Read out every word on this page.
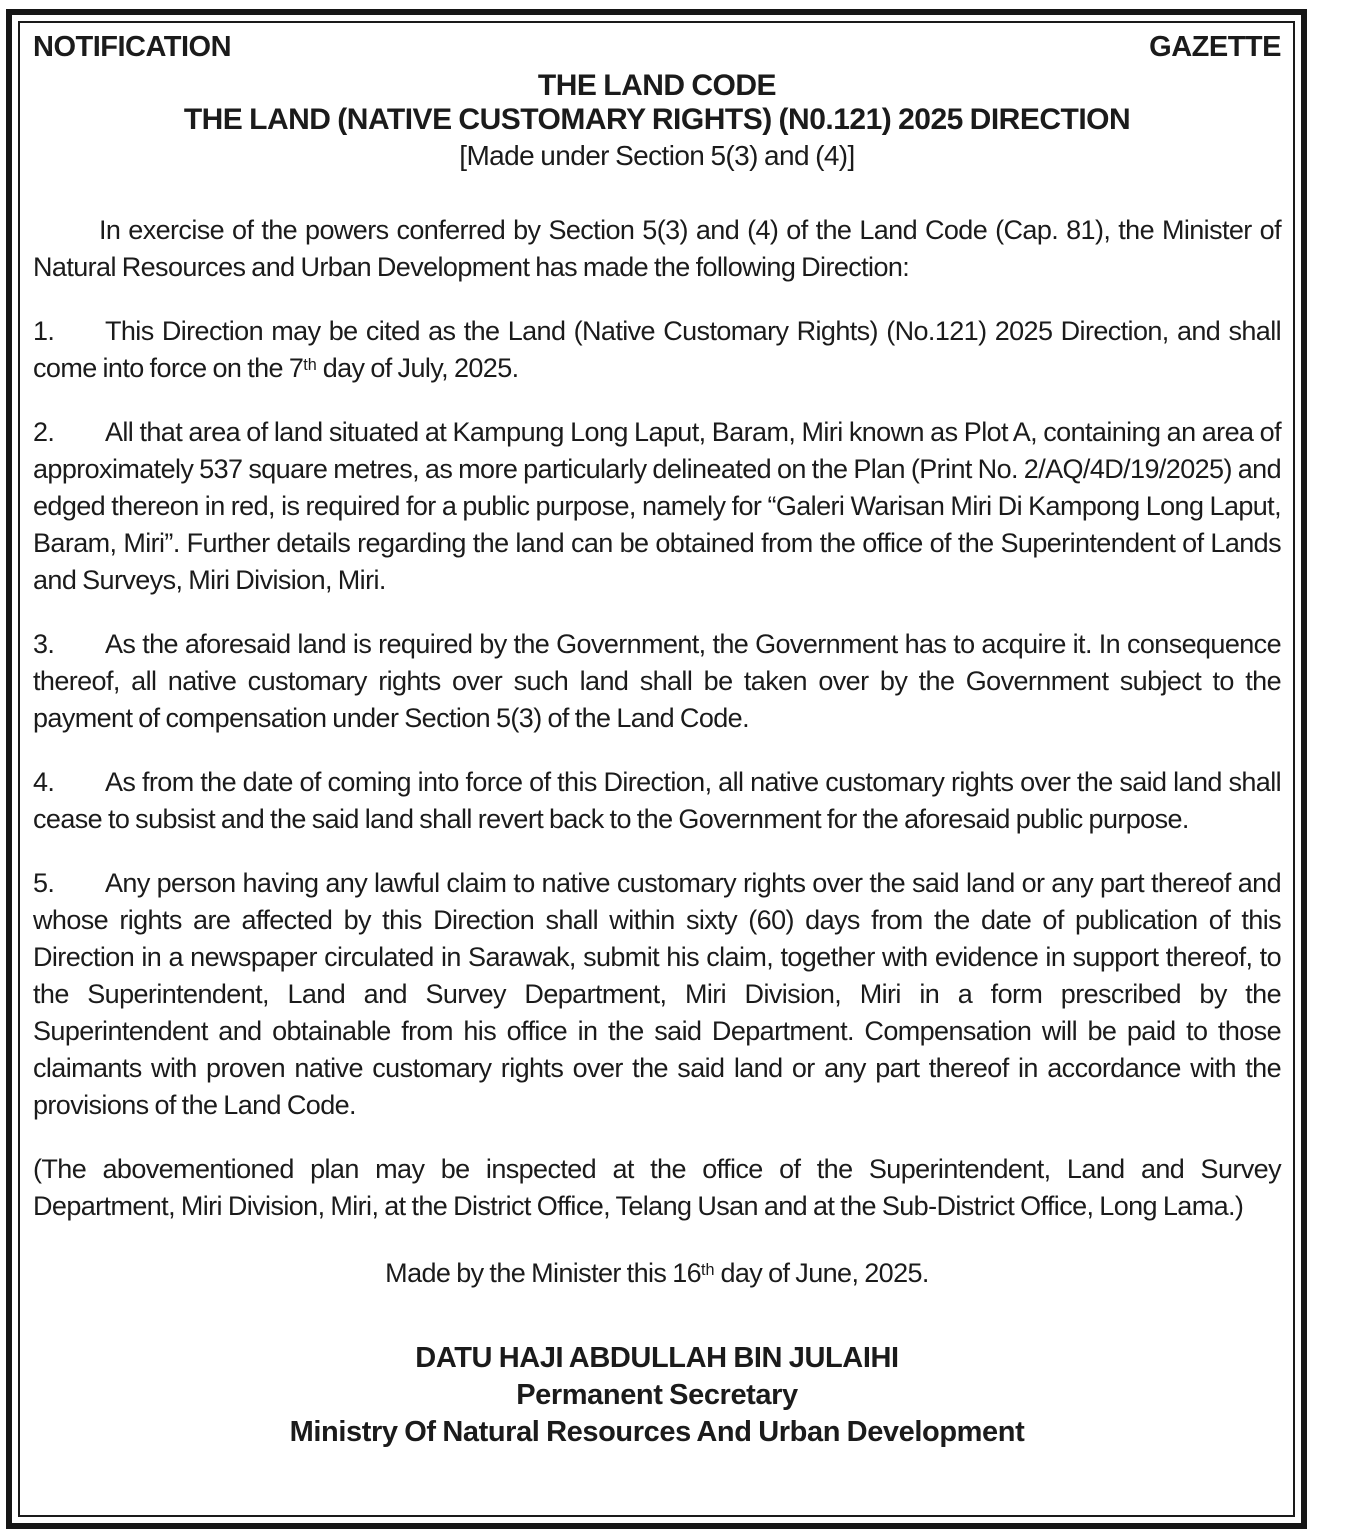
NOTIFICATION	GAZETTE
THE LAND CODE
THE LAND (NATIVE CUSTOMARY RIGHTS) (N0.121) 2025 DIRECTION
[Made under Section 5(3) and (4)]

In exercise of the powers conferred by Section 5(3) and (4) of the Land Code (Cap. 81), the Minister of Natural Resources and Urban Development has made the following Direction:

1. This Direction may be cited as the Land (Native Customary Rights) (No.121) 2025 Direction, and shall come into force on the 7th day of July, 2025.

2. All that area of land situated at Kampung Long Laput, Baram, Miri known as Plot A, containing an area of approximately 537 square metres, as more particularly delineated on the Plan (Print No. 2/AQ/4D/19/2025) and edged thereon in red, is required for a public purpose, namely for “Galeri Warisan Miri Di Kampong Long Laput, Baram, Miri”. Further details regarding the land can be obtained from the office of the Superintendent of Lands and Surveys, Miri Division, Miri.

3. As the aforesaid land is required by the Government, the Government has to acquire it. In consequence thereof, all native customary rights over such land shall be taken over by the Government subject to the payment of compensation under Section 5(3) of the Land Code.

4. As from the date of coming into force of this Direction, all native customary rights over the said land shall cease to subsist and the said land shall revert back to the Government for the aforesaid public purpose.

5. Any person having any lawful claim to native customary rights over the said land or any part thereof and whose rights are affected by this Direction shall within sixty (60) days from the date of publication of this Direction in a newspaper circulated in Sarawak, submit his claim, together with evidence in support thereof, to the Superintendent, Land and Survey Department, Miri Division, Miri in a form prescribed by the Superintendent and obtainable from his office in the said Department. Compensation will be paid to those claimants with proven native customary rights over the said land or any part thereof in accordance with the provisions of the Land Code.

(The abovementioned plan may be inspected at the office of the Superintendent, Land and Survey Department, Miri Division, Miri, at the District Office, Telang Usan and at the Sub-District Office, Long Lama.)

Made by the Minister this 16th day of June, 2025.

DATU HAJI ABDULLAH BIN JULAIHI
Permanent Secretary
Ministry Of Natural Resources And Urban Development
